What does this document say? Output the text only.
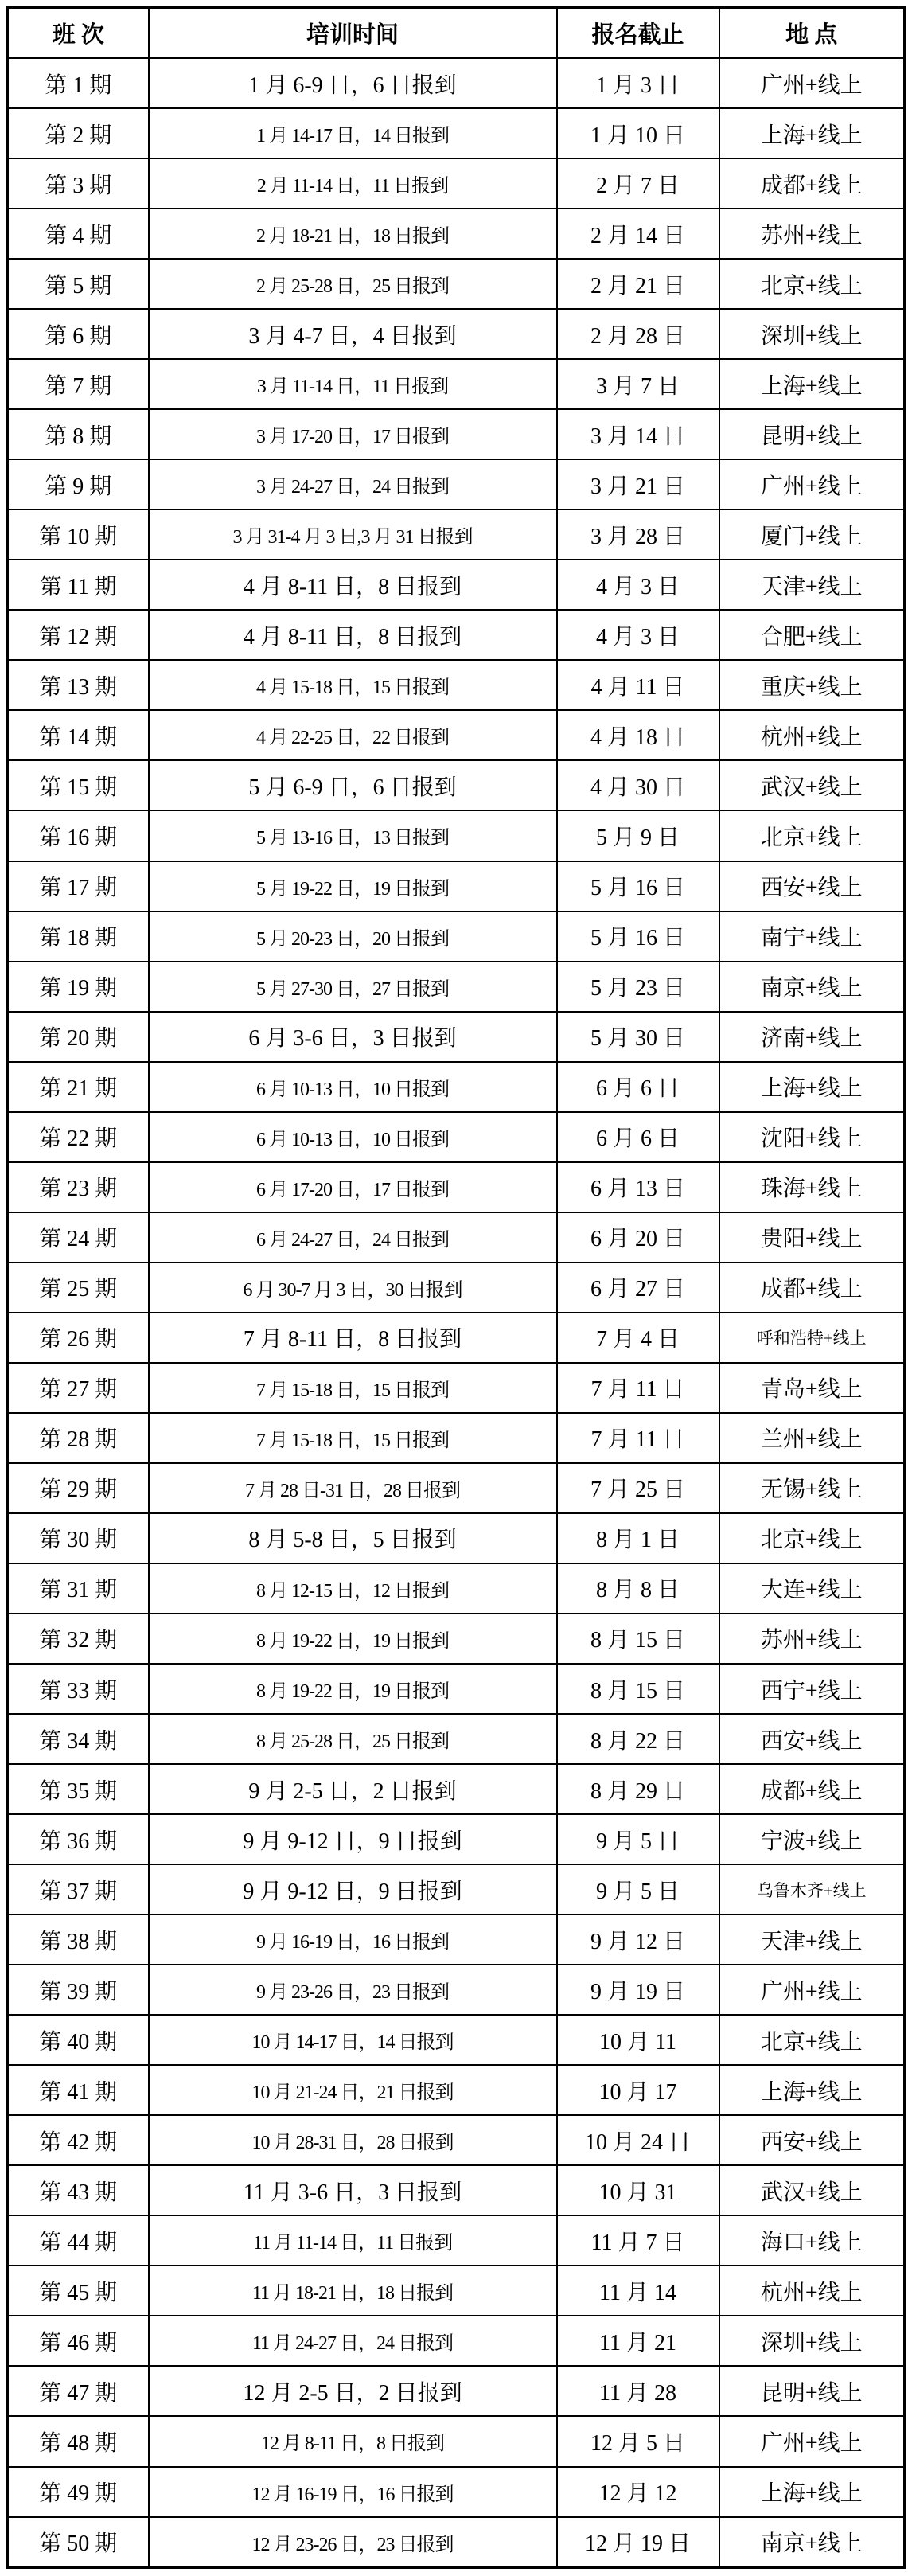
班 次	培训时间	报名截止	地 点
第 1 期	1 月 6-9 日，6 日报到	1 月 3 日	广州+线上
第 2 期	1 月 14-17 日，14 日报到	1 月 10 日	上海+线上
第 3 期	2 月 11-14 日，11 日报到	2 月 7 日	成都+线上
第 4 期	2 月 18-21 日，18 日报到	2 月 14 日	苏州+线上
第 5 期	2 月 25-28 日，25 日报到	2 月 21 日	北京+线上
第 6 期	3 月 4-7 日，4 日报到	2 月 28 日	深圳+线上
第 7 期	3 月 11-14 日，11 日报到	3 月 7 日	上海+线上
第 8 期	3 月 17-20 日，17 日报到	3 月 14 日	昆明+线上
第 9 期	3 月 24-27 日，24 日报到	3 月 21 日	广州+线上
第 10 期	3 月 31-4 月 3 日,3 月 31 日报到	3 月 28 日	厦门+线上
第 11 期	4 月 8-11 日，8 日报到	4 月 3 日	天津+线上
第 12 期	4 月 8-11 日，8 日报到	4 月 3 日	合肥+线上
第 13 期	4 月 15-18 日，15 日报到	4 月 11 日	重庆+线上
第 14 期	4 月 22-25 日，22 日报到	4 月 18 日	杭州+线上
第 15 期	5 月 6-9 日，6 日报到	4 月 30 日	武汉+线上
第 16 期	5 月 13-16 日，13 日报到	5 月 9 日	北京+线上
第 17 期	5 月 19-22 日，19 日报到	5 月 16 日	西安+线上
第 18 期	5 月 20-23 日，20 日报到	5 月 16 日	南宁+线上
第 19 期	5 月 27-30 日，27 日报到	5 月 23 日	南京+线上
第 20 期	6 月 3-6 日，3 日报到	5 月 30 日	济南+线上
第 21 期	6 月 10-13 日，10 日报到	6 月 6 日	上海+线上
第 22 期	6 月 10-13 日，10 日报到	6 月 6 日	沈阳+线上
第 23 期	6 月 17-20 日，17 日报到	6 月 13 日	珠海+线上
第 24 期	6 月 24-27 日，24 日报到	6 月 20 日	贵阳+线上
第 25 期	6 月 30-7 月 3 日，30 日报到	6 月 27 日	成都+线上
第 26 期	7 月 8-11 日，8 日报到	7 月 4 日	呼和浩特+线上
第 27 期	7 月 15-18 日，15 日报到	7 月 11 日	青岛+线上
第 28 期	7 月 15-18 日，15 日报到	7 月 11 日	兰州+线上
第 29 期	7 月 28 日-31 日，28 日报到	7 月 25 日	无锡+线上
第 30 期	8 月 5-8 日，5 日报到	8 月 1 日	北京+线上
第 31 期	8 月 12-15 日，12 日报到	8 月 8 日	大连+线上
第 32 期	8 月 19-22 日，19 日报到	8 月 15 日	苏州+线上
第 33 期	8 月 19-22 日，19 日报到	8 月 15 日	西宁+线上
第 34 期	8 月 25-28 日，25 日报到	8 月 22 日	西安+线上
第 35 期	9 月 2-5 日，2 日报到	8 月 29 日	成都+线上
第 36 期	9 月 9-12 日，9 日报到	9 月 5 日	宁波+线上
第 37 期	9 月 9-12 日，9 日报到	9 月 5 日	乌鲁木齐+线上
第 38 期	9 月 16-19 日，16 日报到	9 月 12 日	天津+线上
第 39 期	9 月 23-26 日，23 日报到	9 月 19 日	广州+线上
第 40 期	10 月 14-17 日，14 日报到	10 月 11	北京+线上
第 41 期	10 月 21-24 日，21 日报到	10 月 17	上海+线上
第 42 期	10 月 28-31 日，28 日报到	10 月 24 日	西安+线上
第 43 期	11 月 3-6 日，3 日报到	10 月 31	武汉+线上
第 44 期	11 月 11-14 日，11 日报到	11 月 7 日	海口+线上
第 45 期	11 月 18-21 日，18 日报到	11 月 14	杭州+线上
第 46 期	11 月 24-27 日，24 日报到	11 月 21	深圳+线上
第 47 期	12 月 2-5 日，2 日报到	11 月 28	昆明+线上
第 48 期	12 月 8-11 日，8 日报到	12 月 5 日	广州+线上
第 49 期	12 月 16-19 日，16 日报到	12 月 12	上海+线上
第 50 期	12 月 23-26 日，23 日报到	12 月 19 日	南京+线上
